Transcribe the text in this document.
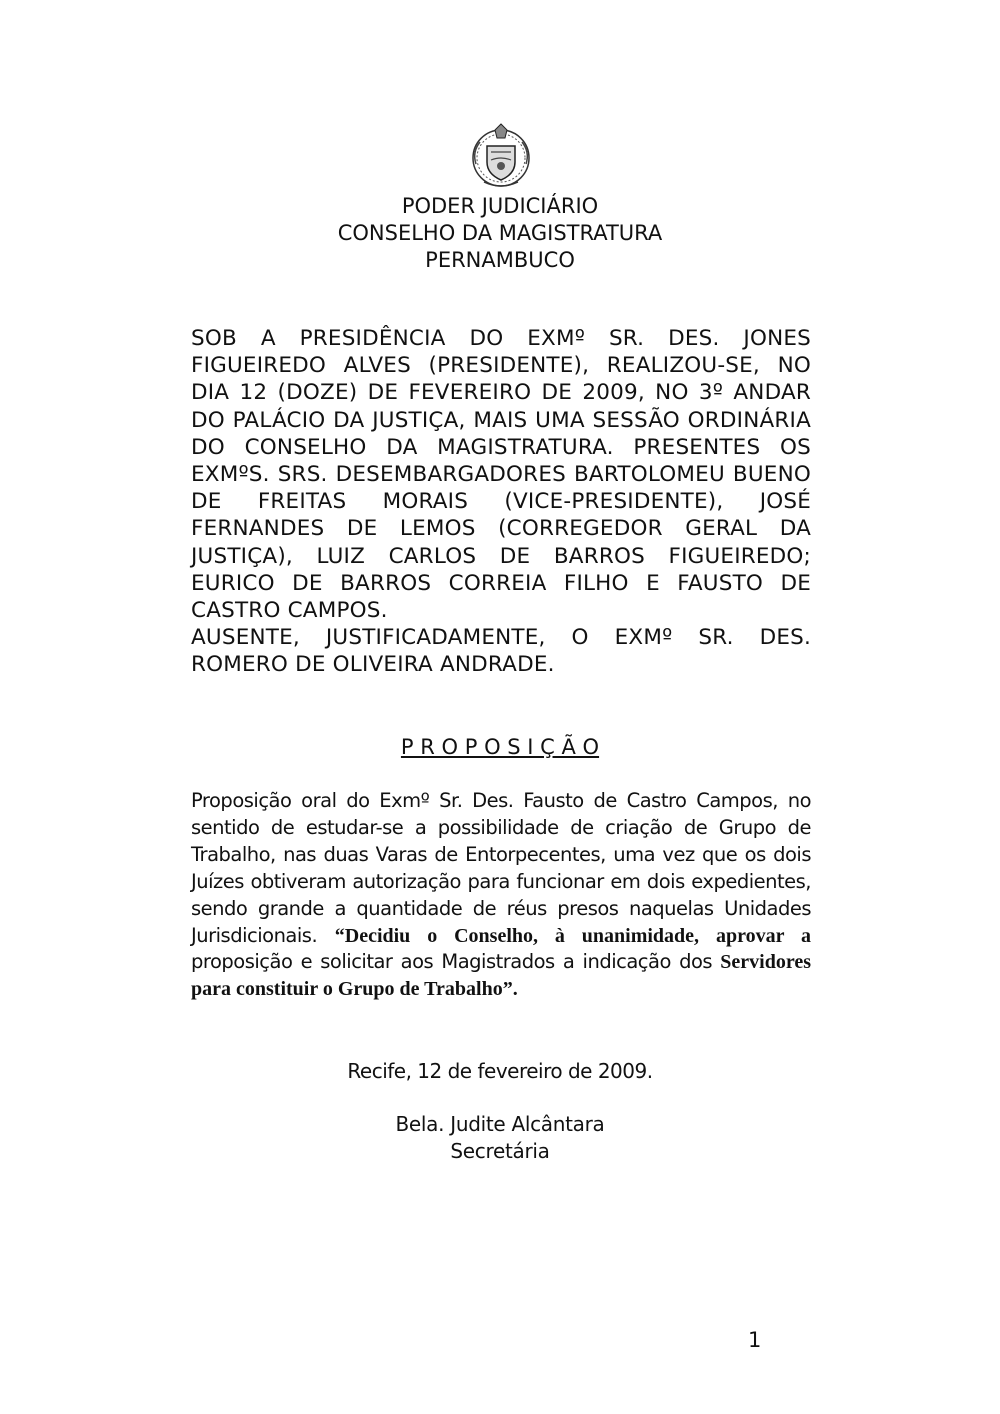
PODER JUDICIÁRIO
CONSELHO DA MAGISTRATURA
PERNAMBUCO

SOB A PRESIDÊNCIA DO EXMº SR. DES. JONES FIGUEIREDO ALVES (PRESIDENTE), REALIZOU-SE, NO DIA 12 (DOZE) DE FEVEREIRO DE 2009, NO 3º ANDAR DO PALÁCIO DA JUSTIÇA, MAIS UMA SESSÃO ORDINÁRIA DO CONSELHO DA MAGISTRATURA. PRESENTES OS EXMºS. SRS. DESEMBARGADORES BARTOLOMEU BUENO DE FREITAS MORAIS (VICE-PRESIDENTE), JOSÉ FERNANDES DE LEMOS (CORREGEDOR GERAL DA JUSTIÇA), LUIZ CARLOS DE BARROS FIGUEIREDO; EURICO DE BARROS CORREIA FILHO E FAUSTO DE CASTRO CAMPOS.

AUSENTE, JUSTIFICADAMENTE, O EXMº SR. DES. ROMERO DE OLIVEIRA ANDRADE.

P R O P O S I Ç Ã O
Proposição oral do Exmº Sr. Des. Fausto de Castro Campos, no sentido de estudar-se a possibilidade de criação de Grupo de Trabalho, nas duas Varas de Entorpecentes, uma vez que os dois Juízes obtiveram autorização para funcionar em dois expedientes, sendo grande a quantidade de réus presos naquelas Unidades Jurisdicionais. “Decidiu o Conselho, à unanimidade, aprovar a proposição e solicitar aos Magistrados a indicação dos Servidores para constituir o Grupo de Trabalho”.
Recife, 12 de fevereiro de 2009.
Bela. Judite Alcântara
Secretária
1
